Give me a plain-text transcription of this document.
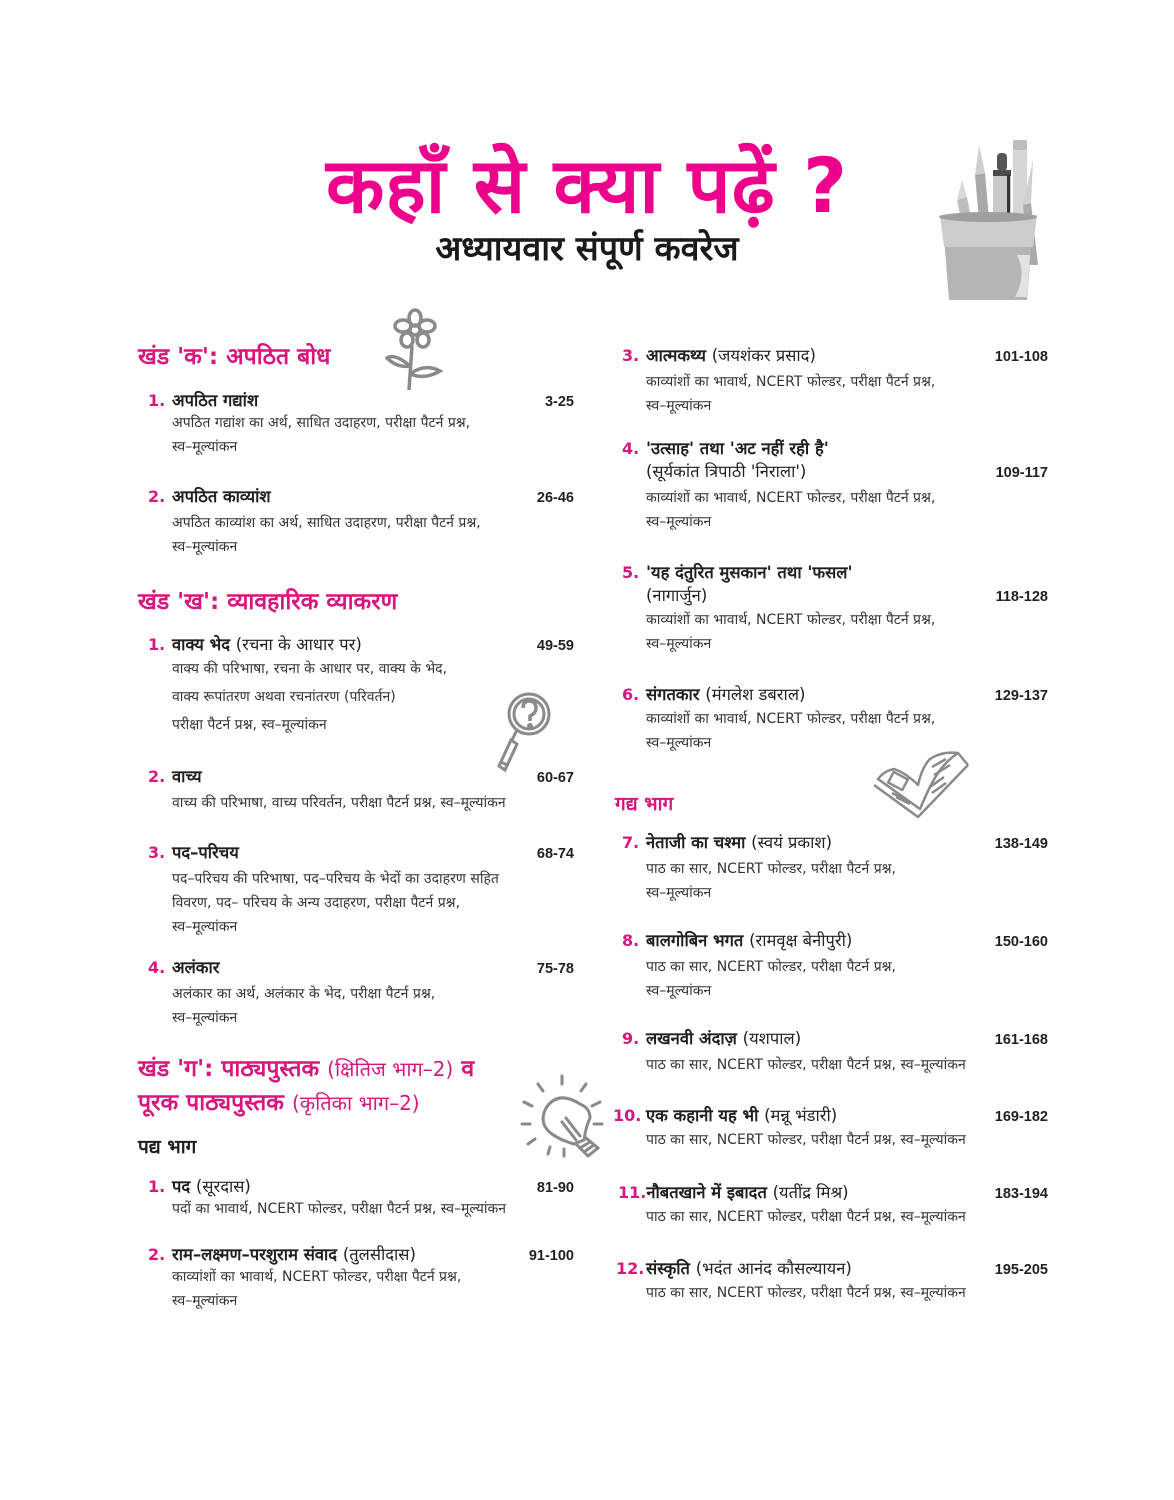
कहाँ से क्या पढ़ें ?
अध्यायवार संपूर्ण कवरेज
खंड 'क': अपठित बोध
1. अपठित गद्यांश	3-25
अपठित गद्यांश का अर्थ, साधित उदाहरण, परीक्षा पैटर्न प्रश्न,
स्व–मूल्यांकन
2. अपठित काव्यांश	26-46
अपठित काव्यांश का अर्थ, साधित उदाहरण, परीक्षा पैटर्न प्रश्न,
स्व–मूल्यांकन
खंड 'ख': व्यावहारिक व्याकरण
1. वाक्य भेद (रचना के आधार पर)	49-59
वाक्य की परिभाषा, रचना के आधार पर, वाक्य के भेद,
वाक्य रूपांतरण अथवा रचनांतरण (परिवर्तन)
परीक्षा पैटर्न प्रश्न, स्व–मूल्यांकन
2. वाच्य	60-67
वाच्य की परिभाषा, वाच्य परिवर्तन, परीक्षा पैटर्न प्रश्न, स्व–मूल्यांकन
3. पद–परिचय	68-74
पद–परिचय की परिभाषा, पद–परिचय के भेदों का उदाहरण सहित
विवरण, पद– परिचय के अन्य उदाहरण, परीक्षा पैटर्न प्रश्न,
स्व–मूल्यांकन
4. अलंकार	75-78
अलंकार का अर्थ, अलंकार के भेद, परीक्षा पैटर्न प्रश्न,
स्व–मूल्यांकन
खंड 'ग': पाठ्यपुस्तक (क्षितिज भाग–2) व
पूरक पाठ्यपुस्तक (कृतिका भाग–2)
पद्य भाग
1. पद (सूरदास)	81-90
पदों का भावार्थ, NCERT फोल्डर, परीक्षा पैटर्न प्रश्न, स्व–मूल्यांकन
2. राम–लक्ष्मण–परशुराम संवाद (तुलसीदास)	91-100
काव्यांशों का भावार्थ, NCERT फोल्डर, परीक्षा पैटर्न प्रश्न,
स्व–मूल्यांकन
3. आत्मकथ्य (जयशंकर प्रसाद)	101-108
काव्यांशों का भावार्थ, NCERT फोल्डर, परीक्षा पैटर्न प्रश्न,
स्व–मूल्यांकन
4. 'उत्साह' तथा 'अट नहीं रही है'
(सूर्यकांत त्रिपाठी 'निराला')	109-117
काव्यांशों का भावार्थ, NCERT फोल्डर, परीक्षा पैटर्न प्रश्न,
स्व–मूल्यांकन
5. 'यह दंतुरित मुसकान' तथा 'फसल'
(नागार्जुन)	118-128
काव्यांशों का भावार्थ, NCERT फोल्डर, परीक्षा पैटर्न प्रश्न,
स्व–मूल्यांकन
6. संगतकार (मंगलेश डबराल)	129-137
काव्यांशों का भावार्थ, NCERT फोल्डर, परीक्षा पैटर्न प्रश्न,
स्व–मूल्यांकन
गद्य भाग
7. नेताजी का चश्मा (स्वयं प्रकाश)	138-149
पाठ का सार, NCERT फोल्डर, परीक्षा पैटर्न प्रश्न,
स्व–मूल्यांकन
8. बालगोबिन भगत (रामवृक्ष बेनीपुरी)	150-160
पाठ का सार, NCERT फोल्डर, परीक्षा पैटर्न प्रश्न,
स्व–मूल्यांकन
9. लखनवी अंदाज़ (यशपाल)	161-168
पाठ का सार, NCERT फोल्डर, परीक्षा पैटर्न प्रश्न, स्व–मूल्यांकन
10. एक कहानी यह भी (मन्नू भंडारी)	169-182
पाठ का सार, NCERT फोल्डर, परीक्षा पैटर्न प्रश्न, स्व–मूल्यांकन
11. नौबतखाने में इबादत (यतींद्र मिश्र)	183-194
पाठ का सार, NCERT फोल्डर, परीक्षा पैटर्न प्रश्न, स्व–मूल्यांकन
12. संस्कृति (भदंत आनंद कौसल्यायन)	195-205
पाठ का सार, NCERT फोल्डर, परीक्षा पैटर्न प्रश्न, स्व–मूल्यांकन
